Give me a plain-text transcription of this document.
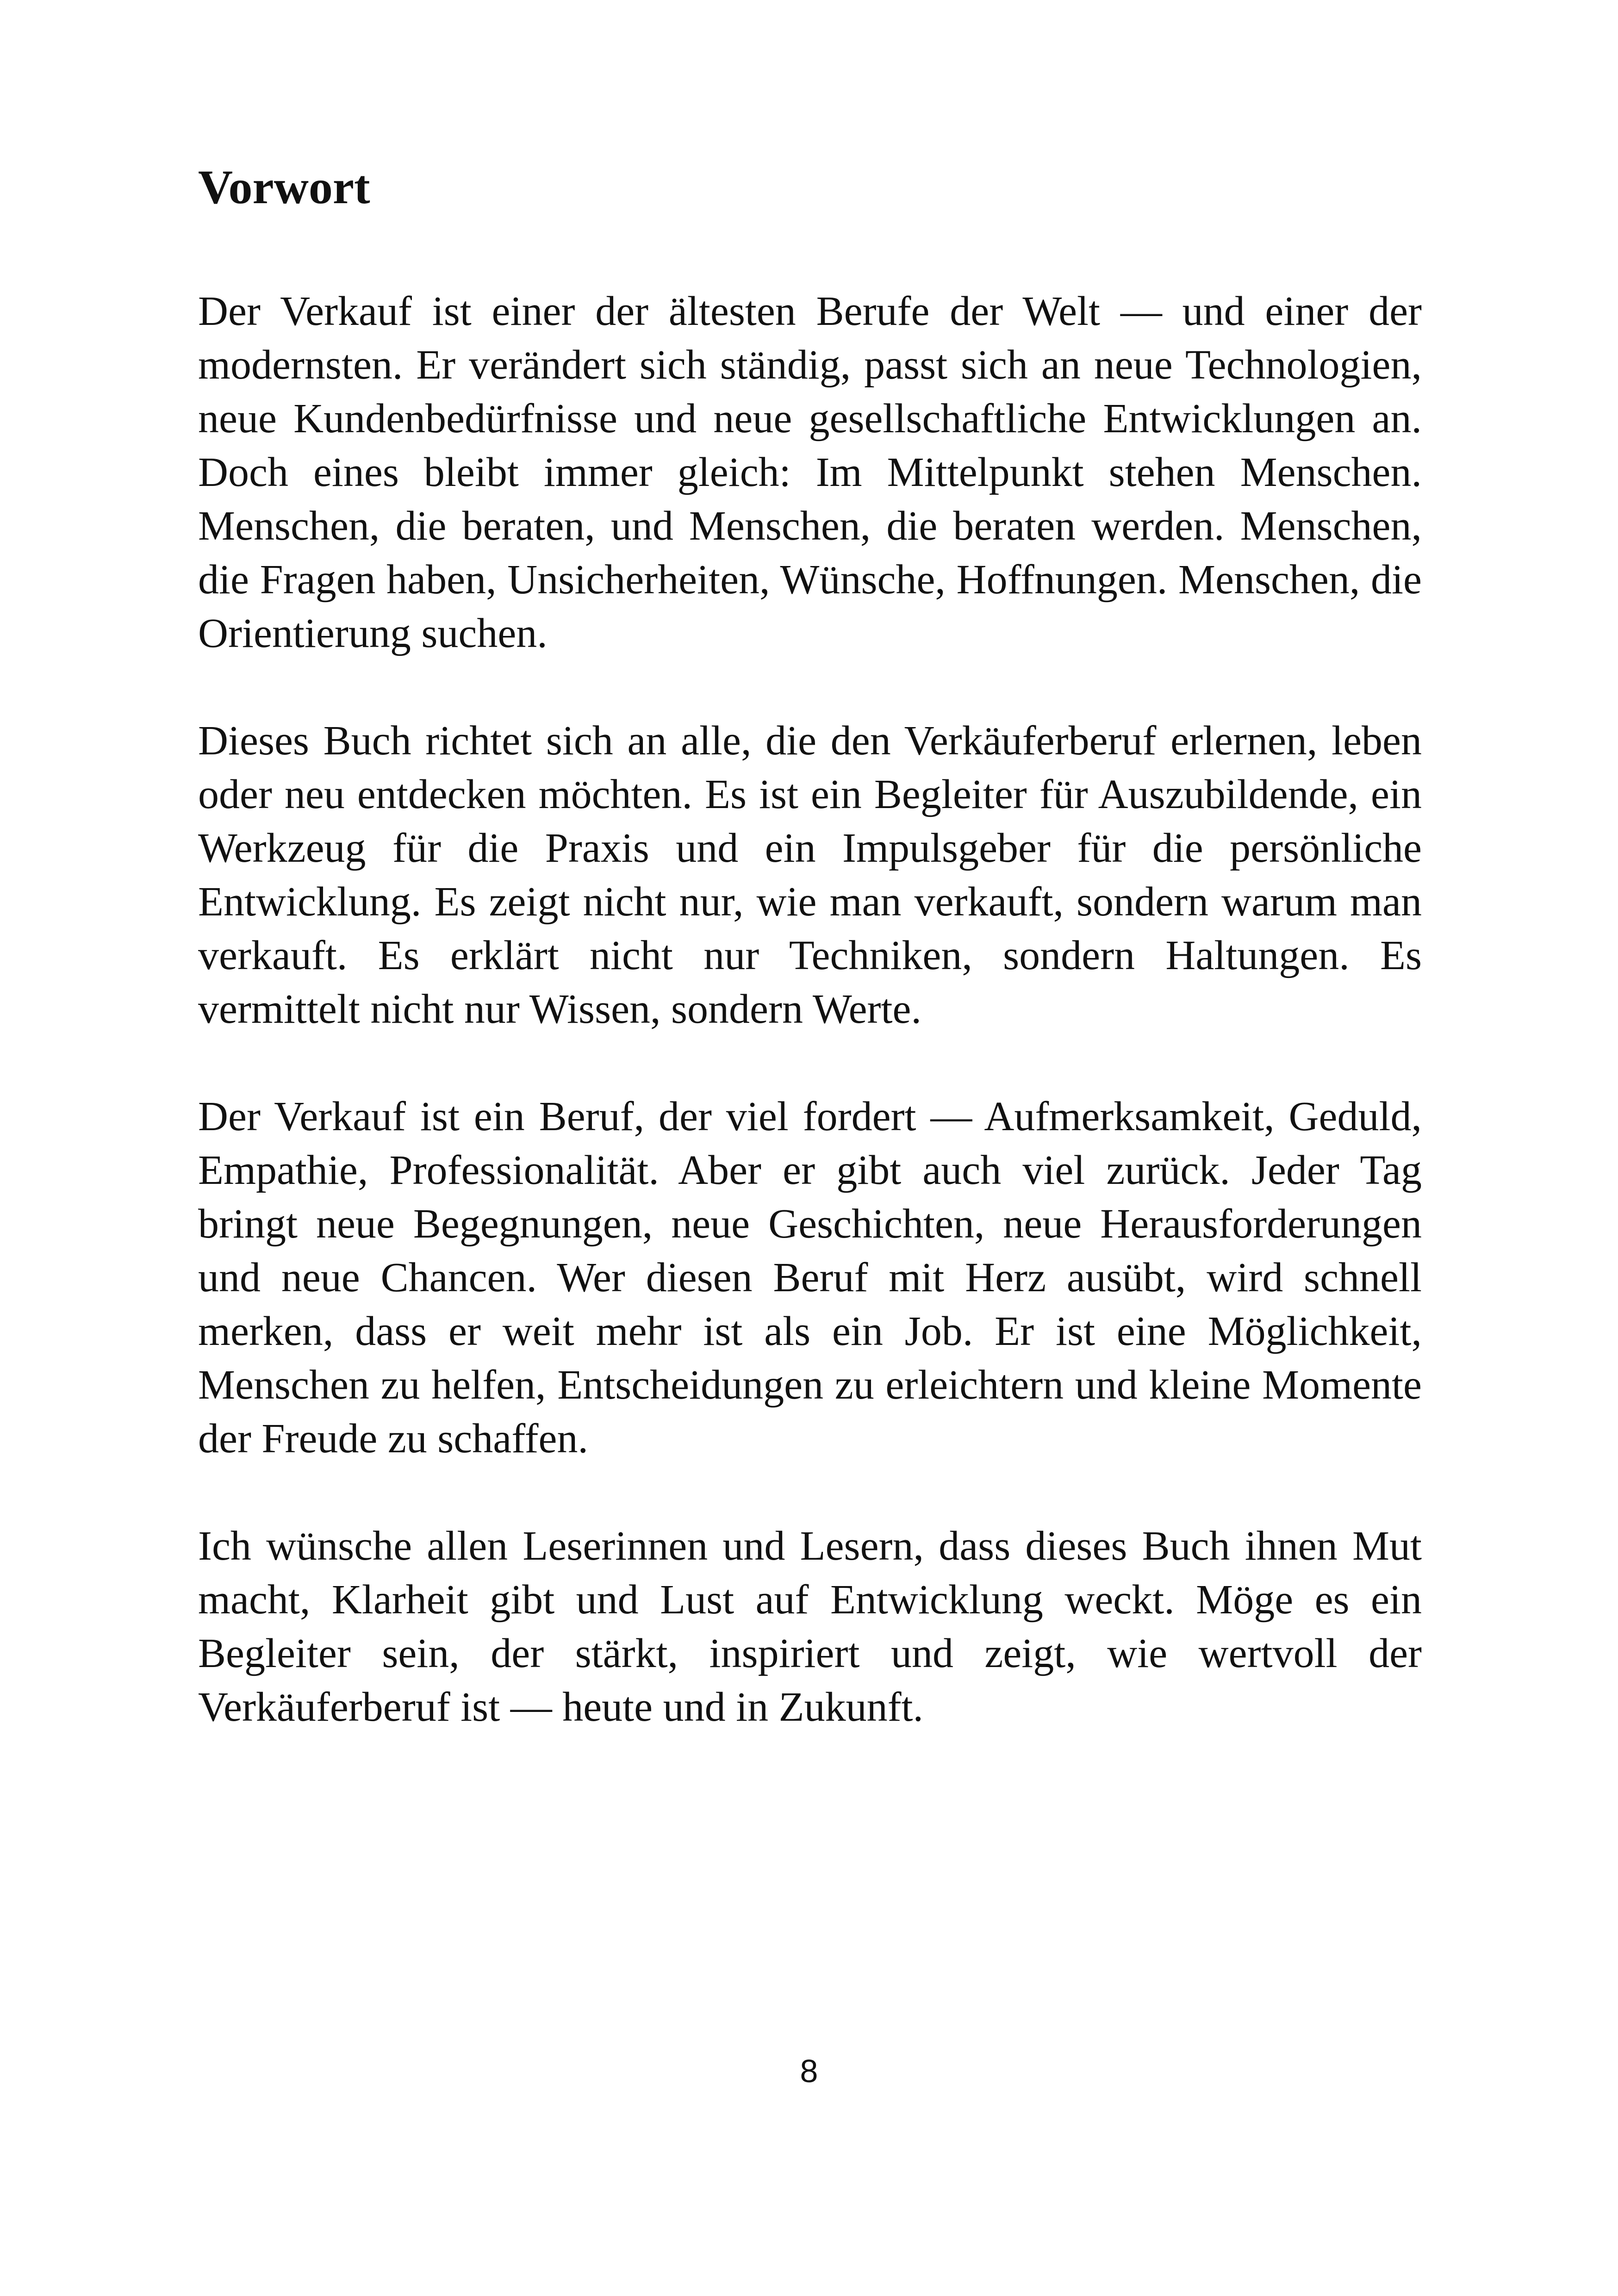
Vorwort

Der Verkauf ist einer der ältesten Berufe der Welt — und einer der modernsten. Er verändert sich ständig, passt sich an neue Technologien, neue Kundenbedürfnisse und neue gesellschaftliche Entwicklungen an. Doch eines bleibt immer gleich: Im Mittelpunkt stehen Menschen. Menschen, die beraten, und Menschen, die beraten werden. Menschen, die Fragen haben, Unsicherheiten, Wünsche, Hoffnungen. Menschen, die Orientierung suchen.

Dieses Buch richtet sich an alle, die den Verkäuferberuf erlernen, leben oder neu entdecken möchten. Es ist ein Begleiter für Auszubildende, ein Werkzeug für die Praxis und ein Impulsgeber für die persönliche Entwicklung. Es zeigt nicht nur, wie man verkauft, sondern warum man verkauft. Es erklärt nicht nur Techniken, sondern Haltungen. Es vermittelt nicht nur Wissen, sondern Werte.

Der Verkauf ist ein Beruf, der viel fordert — Aufmerksamkeit, Geduld, Empathie, Professionalität. Aber er gibt auch viel zurück. Jeder Tag bringt neue Begegnungen, neue Geschichten, neue Herausforderungen und neue Chancen. Wer diesen Beruf mit Herz ausübt, wird schnell merken, dass er weit mehr ist als ein Job. Er ist eine Möglichkeit, Menschen zu helfen, Entscheidungen zu erleichtern und kleine Momente der Freude zu schaffen.

Ich wünsche allen Leserinnen und Lesern, dass dieses Buch ihnen Mut macht, Klarheit gibt und Lust auf Entwicklung weckt. Möge es ein Begleiter sein, der stärkt, inspiriert und zeigt, wie wertvoll der Verkäuferberuf ist — heute und in Zukunft.

8
